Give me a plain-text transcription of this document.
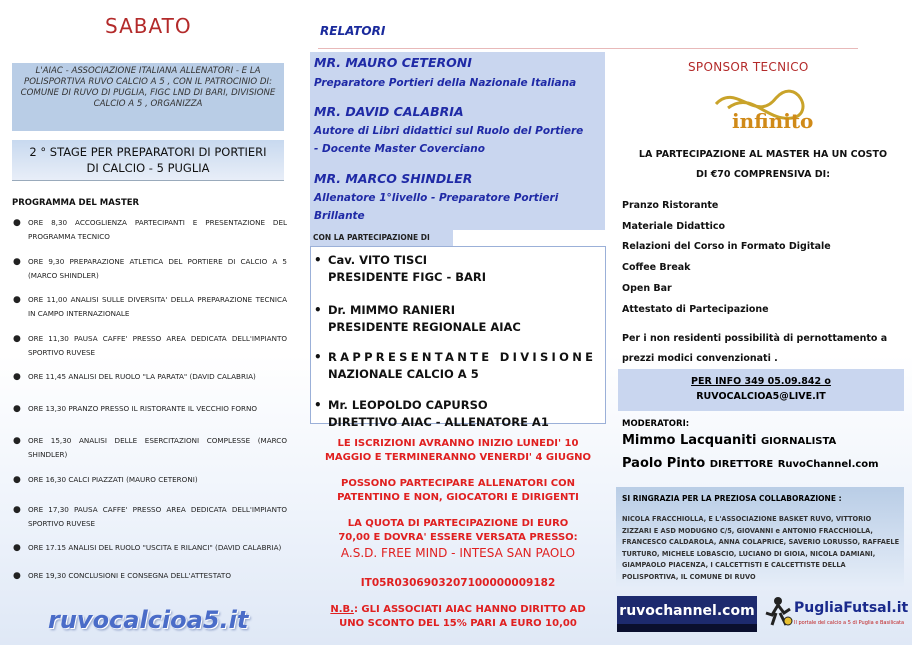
SABATO	RELATORI
L'AIAC - ASSOCIAZIONE ITALIANA ALLENATORI - E LA POLISPORTIVA RUVO CALCIO A 5 , CON IL PATROCINIO DI: COMUNE DI RUVO DI PUGLIA, FIGC LND DI BARI, DIVISIONE CALCIO A 5 , ORGANIZZA
2 ° STAGE PER PREPARATORI DI PORTIERI
DI CALCIO - 5 PUGLIA
PROGRAMMA DEL MASTER
● ORE 8,30 ACCOGLIENZA PARTECIPANTI E PRESENTAZIONE DEL PROGRAMMA TECNICO
● ORE 9,30 PREPARAZIONE ATLETICA DEL PORTIERE DI CALCIO A 5 (MARCO SHINDLER)
● ORE 11,00 ANALISI SULLE DIVERSITA' DELLA PREPARAZIONE TECNICA IN CAMPO INTERNAZIONALE
● ORE 11,30 PAUSA CAFFE' PRESSO AREA DEDICATA DELL'IMPIANTO SPORTIVO RUVESE
● ORE 11,45 ANALISI DEL RUOLO "LA PARATA" (DAVID CALABRIA)
● ORE 13,30 PRANZO PRESSO IL RISTORANTE IL VECCHIO FORNO
● ORE 15,30 ANALISI DELLE ESERCITAZIONI COMPLESSE (MARCO SHINDLER)
● ORE 16,30 CALCI PIAZZATI (MAURO CETERONI)
● ORE 17,30 PAUSA CAFFE' PRESSO AREA DEDICATA DELL'IMPIANTO SPORTIVO RUVESE
● ORE 17.15 ANALISI DEL RUOLO "USCITA E RILANCI" (DAVID CALABRIA)
● ORE 19,30 CONCLUSIONI E CONSEGNA DELL'ATTESTATO
ruvocalcioa5.it
MR. MAURO CETERONI
Preparatore Portieri della Nazionale Italiana
MR. DAVID CALABRIA
Autore di Libri didattici sul Ruolo del Portiere
- Docente Master Coverciano
MR. MARCO SHINDLER
Allenatore 1°livello - Preparatore Portieri
Brillante
CON LA PARTECIPAZIONE DI
• Cav. VITO TISCI
PRESIDENTE FIGC - BARI
• Dr. MIMMO RANIERI
PRESIDENTE REGIONALE AIAC
• RAPPRESENTANTE DIVISIONE
NAZIONALE CALCIO A 5
• Mr. LEOPOLDO CAPURSO
DIRETTIVO AIAC - ALLENATORE A1
LE ISCRIZIONI AVRANNO INIZIO LUNEDI' 10
MAGGIO E TERMINERANNO VENERDI' 4 GIUGNO
POSSONO PARTECIPARE ALLENATORI CON
PATENTINO E NON, GIOCATORI E DIRIGENTI
LA QUOTA DI PARTECIPAZIONE DI EURO
70,00 E DOVRA' ESSERE VERSATA PRESSO:
A.S.D. FREE MIND - INTESA SAN PAOLO
IT05R0306903207100000009182
N.B.: GLI ASSOCIATI AIAC HANNO DIRITTO AD
UNO SCONTO DEL 15% PARI A EURO 10,00
SPONSOR TECNICO
infinito
LA PARTECIPAZIONE AL MASTER HA UN COSTO
DI €70 COMPRENSIVA DI:
Pranzo Ristorante
Materiale Didattico
Relazioni del Corso in Formato Digitale
Coffee Break
Open Bar
Attestato di Partecipazione
Per i non residenti possibilità di pernottamento a
prezzi modici convenzionati .
PER INFO 349 05.09.842 o
RUVOCALCIOA5@LIVE.IT
MODERATORI:
Mimmo Lacquaniti GIORNALISTA
Paolo Pinto DIRETTORE RuvoChannel.com
SI RINGRAZIA PER LA PREZIOSA COLLABORAZIONE :
NICOLA FRACCHIOLLA, E L'ASSOCIAZIONE BASKET RUVO, VITTORIO ZIZZARI E ASD MODUGNO C/5, GIOVANNI e ANTONIO FRACCHIOLLA, FRANCESCO CALDAROLA, ANNA COLAPRICE, SAVERIO LORUSSO, RAFFAELE TURTURO, MICHELE LOBASCIO, LUCIANO DI GIOIA, NICOLA DAMIANI, GIAMPAOLO PIACENZA, I CALCETTISTI E CALCETTISTE DELLA POLISPORTIVA, IL COMUNE DI RUVO
ruvochannel.com	PugliaFutsal.it
Il portale del calcio a 5 di Puglia e Basilicata
